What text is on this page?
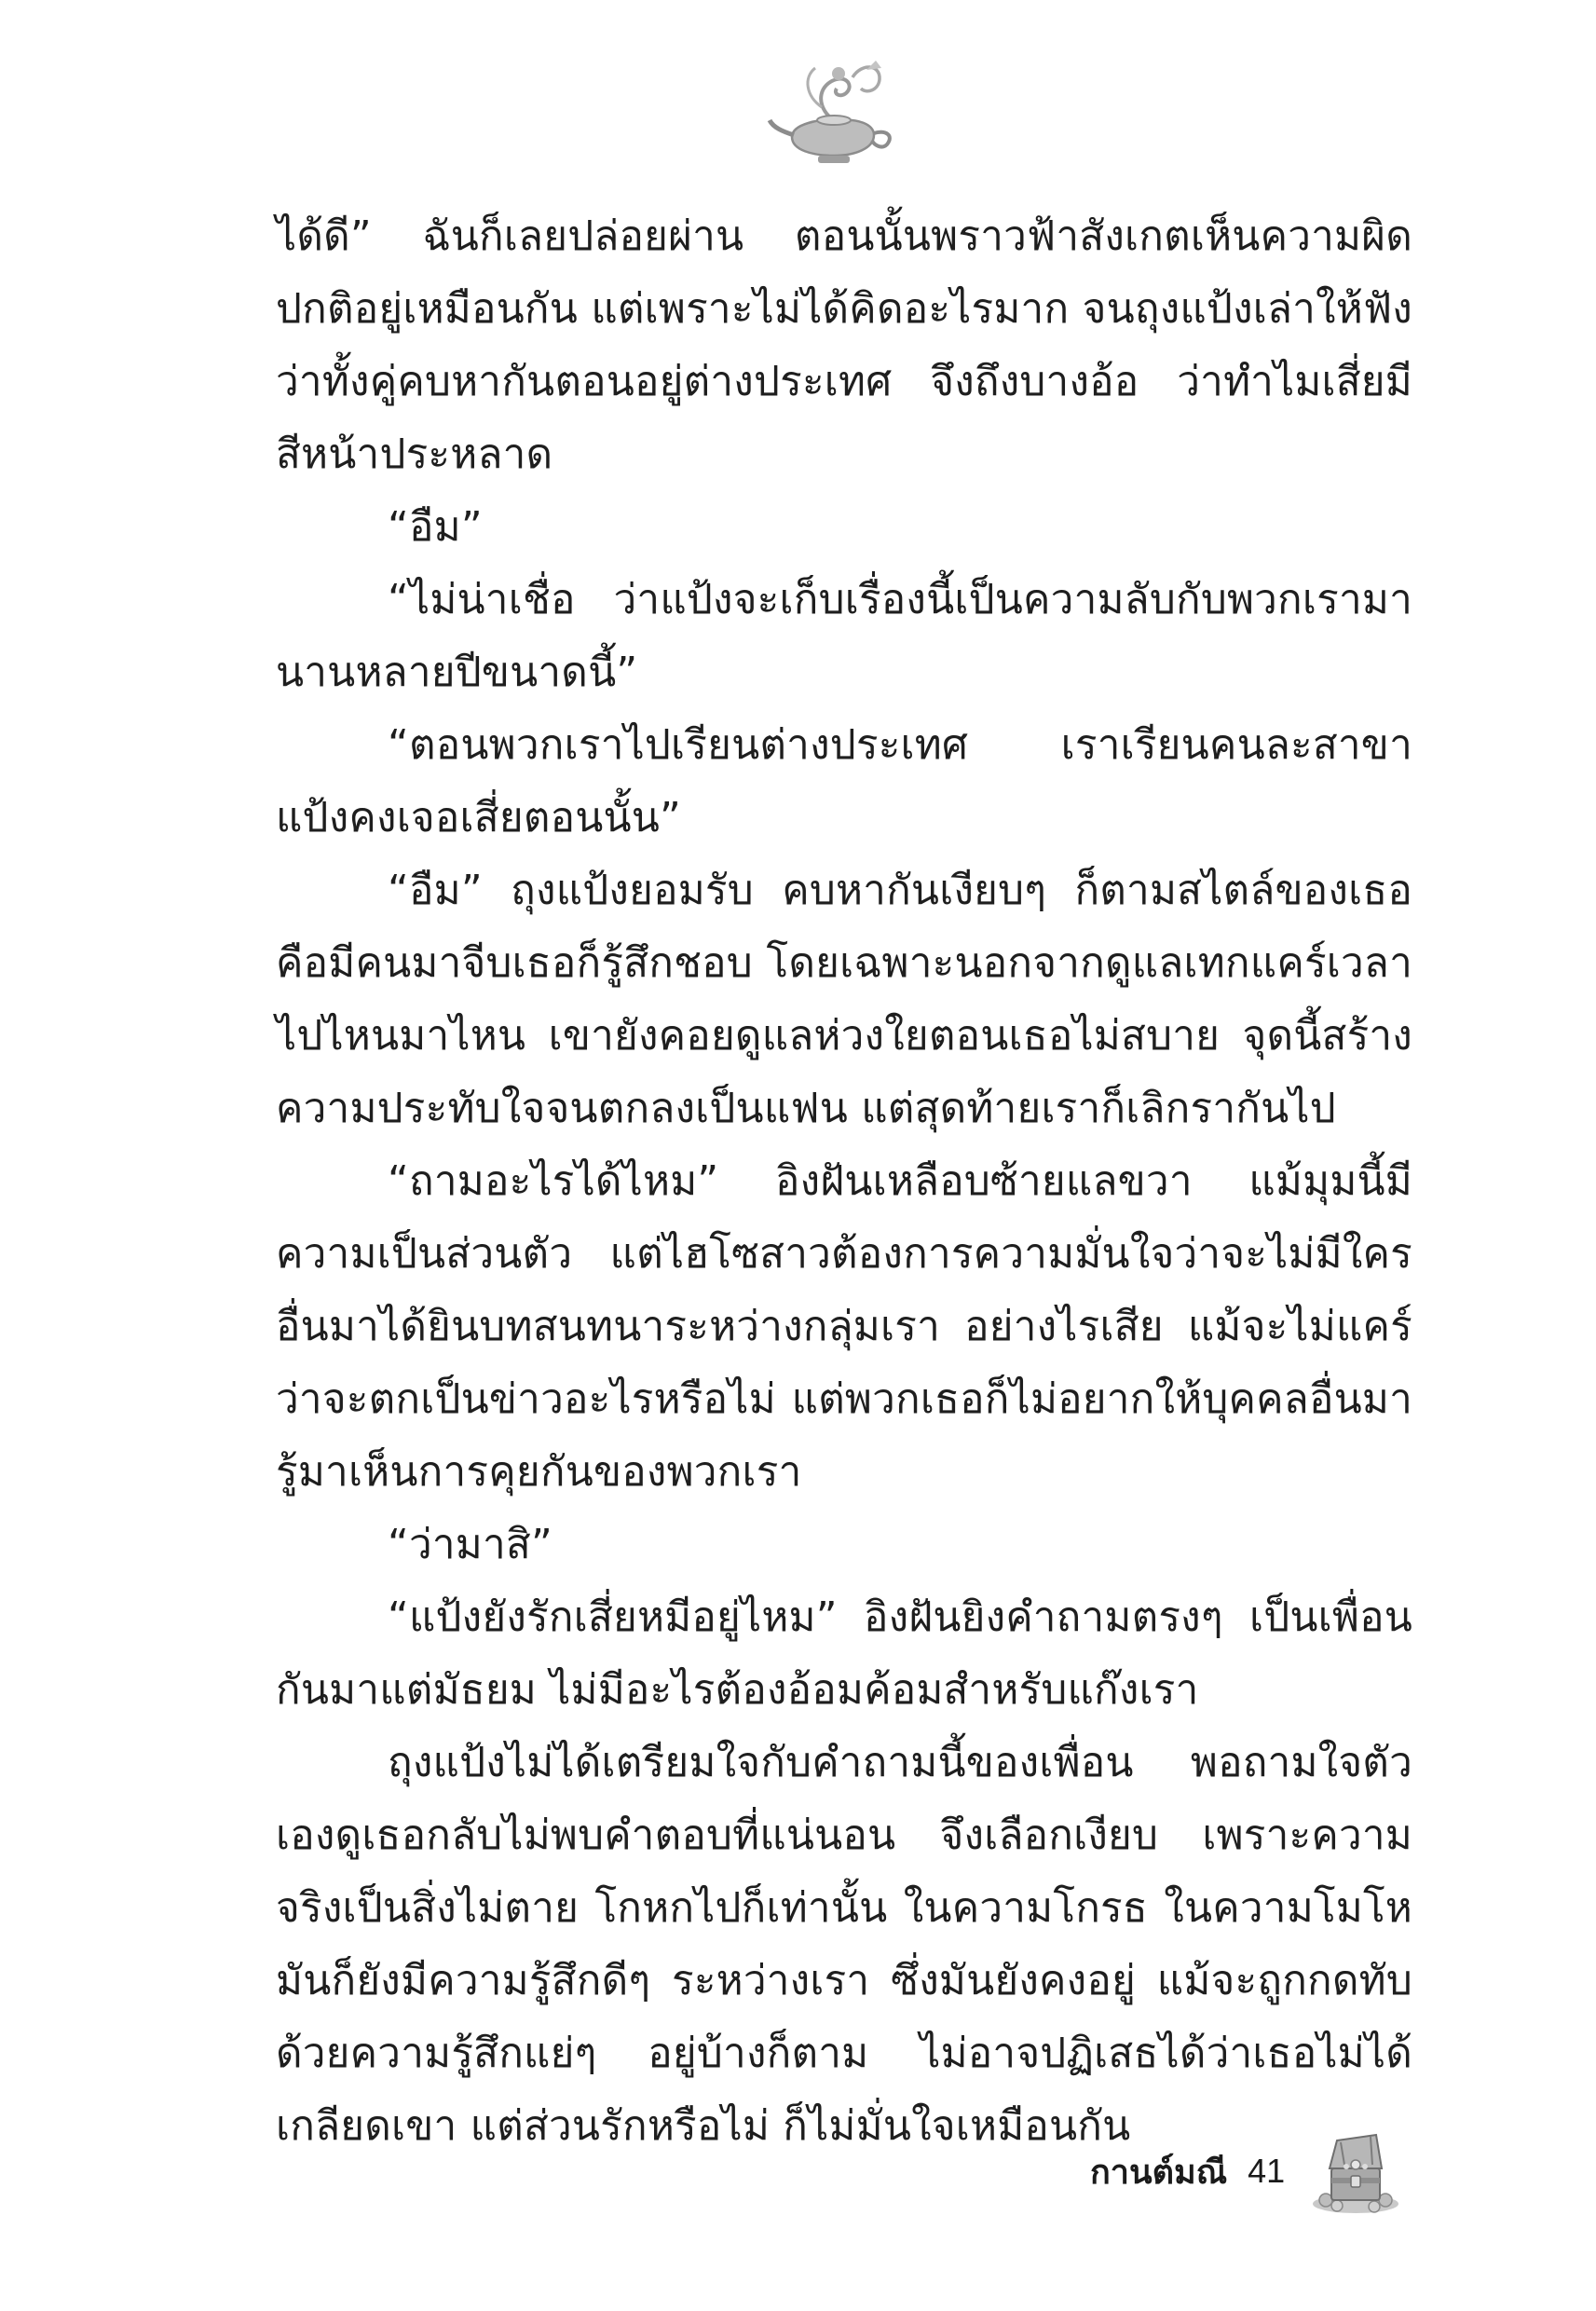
ได้ดี” ฉันก็เลยปล่อยผ่าน ตอนนั้นพราวฟ้าสังเกตเห็นความผิดปกติอยู่เหมือนกัน แต่เพราะไม่ได้คิดอะไรมาก จนถุงแป้งเล่าให้ฟังว่าทั้งคู่คบหากันตอนอยู่ต่างประเทศ จึงถึงบางอ้อ ว่าทำไมเสี่ยมีสีหน้าประหลาด

“อืม”

“ไม่น่าเชื่อ ว่าแป้งจะเก็บเรื่องนี้เป็นความลับกับพวกเรามานานหลายปีขนาดนี้”

“ตอนพวกเราไปเรียนต่างประเทศ เราเรียนคนละสาขา แป้งคงเจอเสี่ยตอนนั้น”

“อืม” ถุงแป้งยอมรับ คบหากันเงียบๆ ก็ตามสไตล์ของเธอ คือมีคนมาจีบเธอก็รู้สึกชอบ โดยเฉพาะนอกจากดูแลเทกแคร์เวลาไปไหนมาไหน เขายังคอยดูแลห่วงใยตอนเธอไม่สบาย จุดนี้สร้างความประทับใจจนตกลงเป็นแฟน แต่สุดท้ายเราก็เลิกรากันไป

“ถามอะไรได้ไหม” อิงฝันเหลือบซ้ายแลขวา แม้มุมนี้มีความเป็นส่วนตัว แต่ไฮโซสาวต้องการความมั่นใจว่าจะไม่มีใครอื่นมาได้ยินบทสนทนาระหว่างกลุ่มเรา อย่างไรเสีย แม้จะไม่แคร์ว่าจะตกเป็นข่าวอะไรหรือไม่ แต่พวกเธอก็ไม่อยากให้บุคคลอื่นมารู้มาเห็นการคุยกันของพวกเรา

“ว่ามาสิ”

“แป้งยังรักเสี่ยหมีอยู่ไหม” อิงฝันยิงคำถามตรงๆ เป็นเพื่อนกันมาแต่มัธยม ไม่มีอะไรต้องอ้อมค้อมสำหรับแก๊งเรา

ถุงแป้งไม่ได้เตรียมใจกับคำถามนี้ของเพื่อน พอถามใจตัวเองดูเธอกลับไม่พบคำตอบที่แน่นอน จึงเลือกเงียบ เพราะความจริงเป็นสิ่งไม่ตาย โกหกไปก็เท่านั้น ในความโกรธ ในความโมโห มันก็ยังมีความรู้สึกดีๆ ระหว่างเรา ซึ่งมันยังคงอยู่ แม้จะถูกกดทับด้วยความรู้สึกแย่ๆ อยู่บ้างก็ตาม ไม่อาจปฏิเสธได้ว่าเธอไม่ได้เกลียดเขา แต่ส่วนรักหรือไม่ ก็ไม่มั่นใจเหมือนกัน

กานต์มณี 41
